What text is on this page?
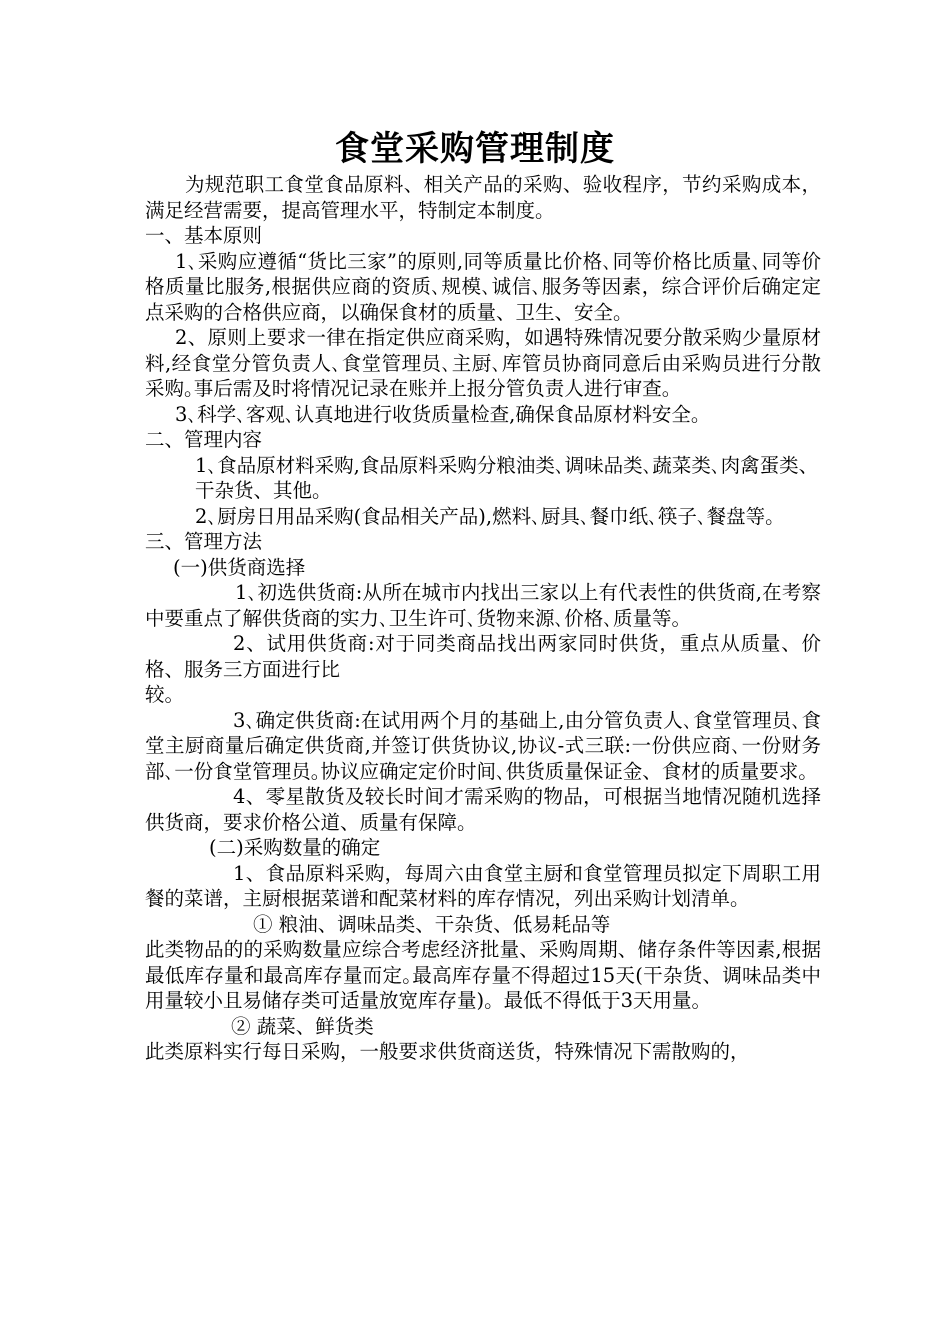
食堂采购管理制度

为规范职工食堂食品原料、相关产品的采购、验收程序，节约采购成本，满足经营需要，提高管理水平，特制定本制度。

一、基本原则

1､采购应遵循“货比三家”的原则,同等质量比价格､同等价格比质量､同等价格质量比服务,根据供应商的资质､规模､诚信､服务等因素，综合评价后确定定点采购的合格供应商，以确保食材的质量、卫生、安全。

2、原则上要求一律在指定供应商采购，如遇特殊情况要分散采购少量原材料,经食堂分管负责人､食堂管理员､主厨､库管员协商同意后由采购员进行分散采购｡事后需及时将情况记录在账并上报分管负责人进行审查。

3､科学､客观､认真地进行收货质量检查,确保食品原材料安全｡

二、管理内容

1､食品原材料采购,食品原料采购分粮油类､调味品类､蔬菜类､肉禽蛋类、干杂货、其他。

2､厨房日用品采购(食品相关产品),燃料､厨具､餐巾纸､筷子､餐盘等。

三、管理方法

(一)供货商选择

1､初选供货商:从所在城市内找出三家以上有代表性的供货商,在考察中要重点了解供货商的实力､卫生许可､货物来源､价格､质量等。

2、试用供货商:对于同类商品找出两家同时供货，重点从质量、价格、服务三方面进行比

较。

3､确定供货商:在试用两个月的基础上,由分管负责人､食堂管理员､食堂主厨商量后确定供货商,并签订供货协议,协议-式三联:一份供应商､一份财务部､一份食堂管理员｡协议应确定定价时间､供货质量保证金、食材的质量要求。

4、零星散货及较长时间才需采购的物品，可根据当地情况随机选择供货商，要求价格公道、质量有保障。

(二)采购数量的确定

1、食品原料采购，每周六由食堂主厨和食堂管理员拟定下周职工用餐的菜谱，主厨根据菜谱和配菜材料的库存情况，列出采购计划清单。

① 粮油、调味品类、干杂货、低易耗品等

此类物品的的采购数量应综合考虑经济批量、采购周期、储存条件等因素,根据最低库存量和最高库存量而定｡最高库存量不得超过15天(干杂货、调味品类中用量较小且易储存类可适量放宽库存量)。最低不得低于3天用量。

② 蔬菜、鲜货类

此类原料实行每日采购，一般要求供货商送货，特殊情况下需散购的，
